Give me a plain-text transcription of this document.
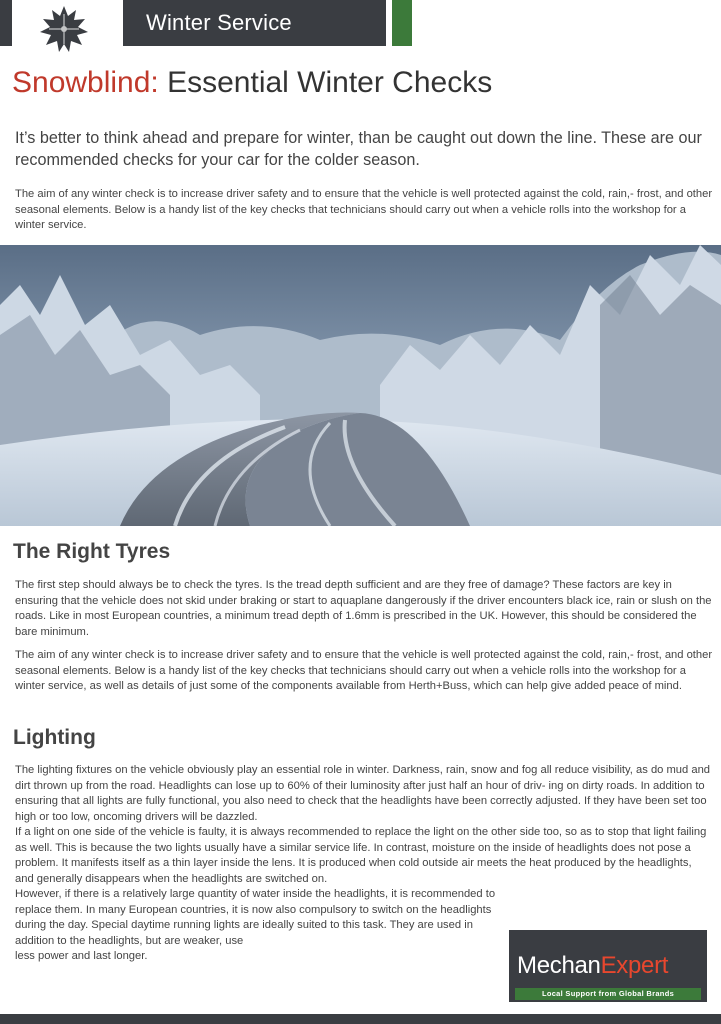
Winter Service
Snowblind: Essential Winter Checks

It’s better to think ahead and prepare for winter, than be caught out down the line. These are our recommended checks for your car for the colder season.

The aim of any winter check is to increase driver safety and to ensure that the vehicle is well protected against the cold, rain,- frost, and other seasonal elements. Below is a handy list of the key checks that technicians should carry out when a vehicle rolls into the workshop for a winter service.

The Right Tyres

The first step should always be to check the tyres. Is the tread depth sufficient and are they free of damage? These factors are key in ensuring that the vehicle does not skid under braking or start to aquaplane dangerously if the driver encounters black ice, rain or slush on the roads. Like in most European countries, a minimum tread depth of 1.6mm is prescribed in the UK. However, this should be considered the bare minimum.

The aim of any winter check is to increase driver safety and to ensure that the vehicle is well protected against the cold, rain,- frost, and other seasonal elements. Below is a handy list of the key checks that technicians should carry out when a vehicle rolls into the workshop for a winter service, as well as details of just some of the components available from Herth+Buss, which can help give added peace of mind.

Lighting

The lighting fixtures on the vehicle obviously play an essential role in winter. Darkness, rain, snow and fog all reduce visibility, as do mud and dirt thrown up from the road. Headlights can lose up to 60% of their luminosity after just half an hour of driv- ing on dirty roads. In addition to ensuring that all lights are fully functional, you also need to check that the headlights have been correctly adjusted. If they have been set too high or too low, oncoming drivers will be dazzled.

If a light on one side of the vehicle is faulty, it is always recommended to replace the light on the other side too, so as to stop that light failing as well. This is because the two lights usually have a similar service life. In contrast, moisture on the inside of headlights does not pose a problem. It manifests itself as a thin layer inside the lens. It is produced when cold outside air meets the heat produced by the headlights, and generally disappears when the headlights are switched on.

However, if there is a relatively large quantity of water inside the headlights, it is recommended to replace them. In many European countries, it is now also compulsory to switch on the headlights during the day. Special daytime running lights are ideally suited to this task. They are used in addition to the headlights, but are weaker, use
less power and last longer.	MechanExpert
Local Support from Global Brands
